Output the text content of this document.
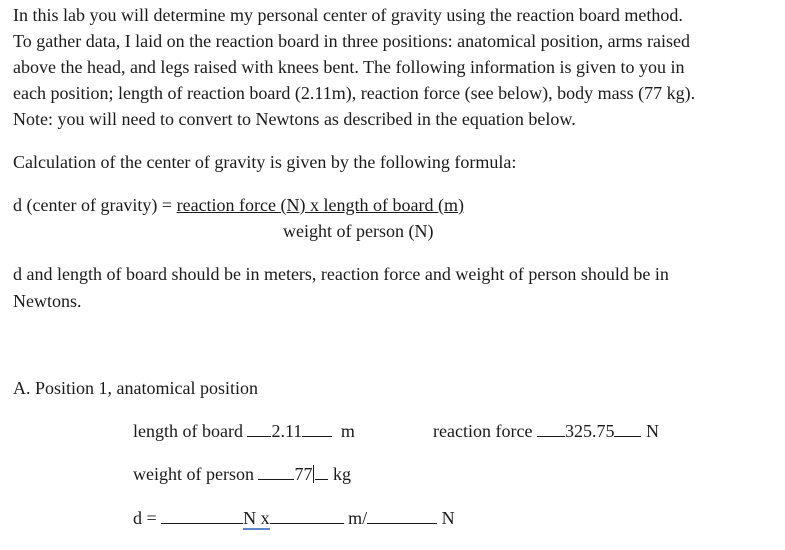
In this lab you will determine my personal center of gravity using the reaction board method.
To gather data, I laid on the reaction board in three positions: anatomical position, arms raised
above the head, and legs raised with knees bent. The following information is given to you in
each position; length of reaction board (2.11m), reaction force (see below), body mass (77 kg).
Note: you will need to convert to Newtons as described in the equation below.
Calculation of the center of gravity is given by the following formula:
d (center of gravity) = reaction force (N) x length of board (m)
weight of person (N)
d and length of board should be in meters, reaction force and weight of person should be in
Newtons.
A. Position 1, anatomical position
length of board 2.11 m	reaction force 325.75 N
weight of person 77 kg
d =	N x	m/	N
